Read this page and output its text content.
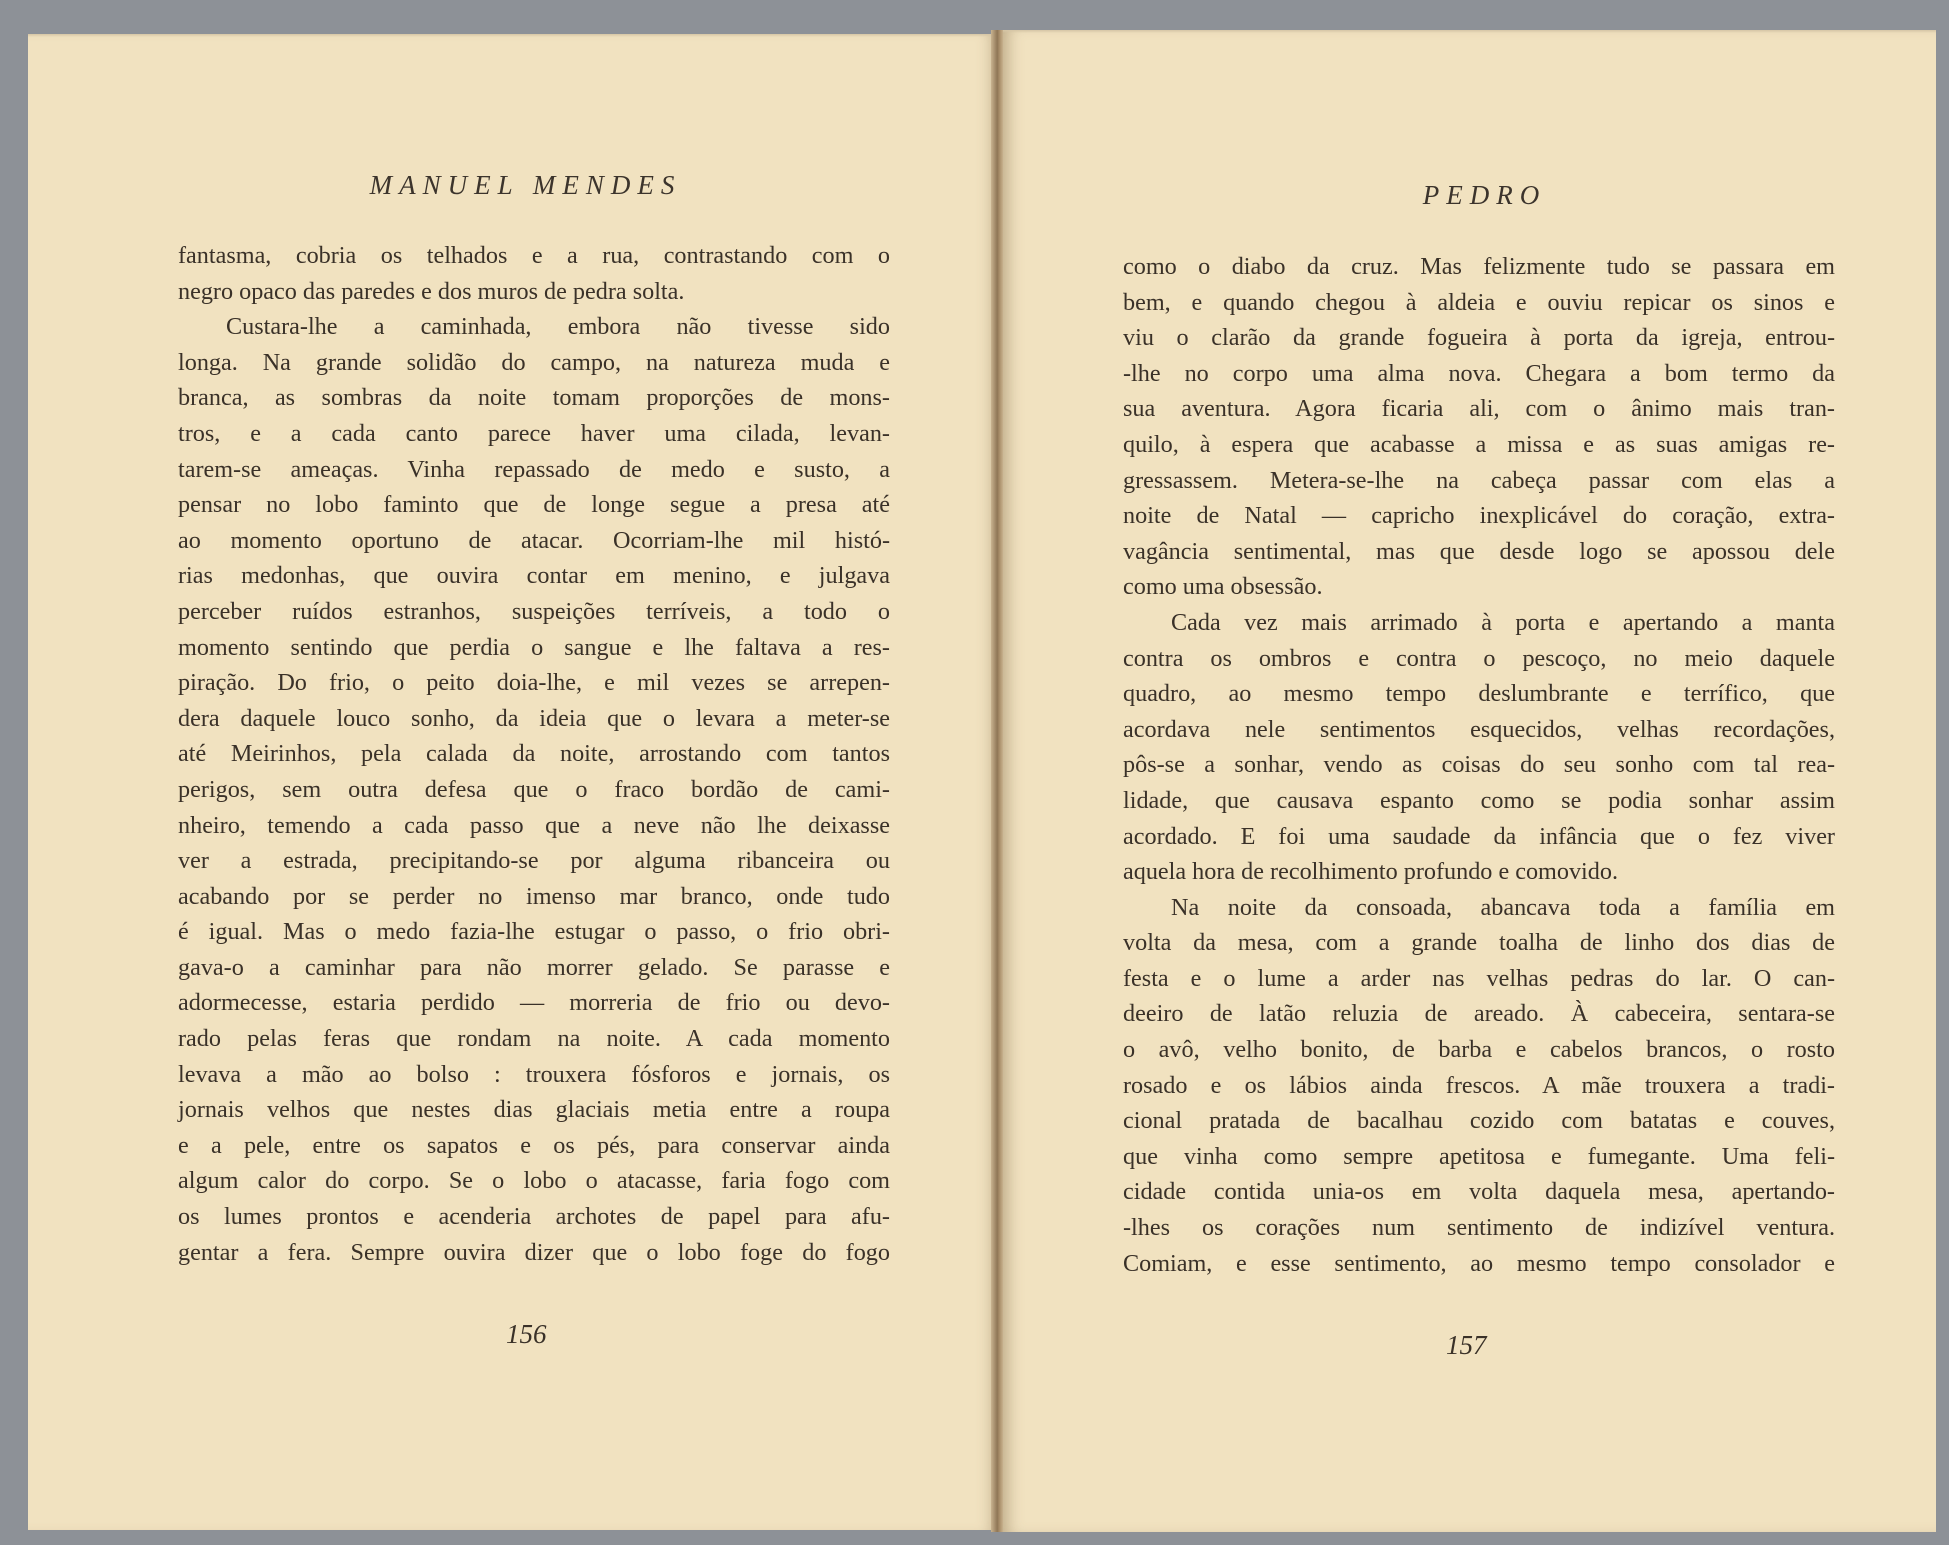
MANUEL MENDES
fantasma, cobria os telhados e a rua, contrastando com o
negro opaco das paredes e dos muros de pedra solta.
Custara-lhe a caminhada, embora não tivesse sido
longa. Na grande solidão do campo, na natureza muda e
branca, as sombras da noite tomam proporções de mons-
tros, e a cada canto parece haver uma cilada, levan-
tarem-se ameaças. Vinha repassado de medo e susto, a
pensar no lobo faminto que de longe segue a presa até
ao momento oportuno de atacar. Ocorriam-lhe mil histó-
rias medonhas, que ouvira contar em menino, e julgava
perceber ruídos estranhos, suspeições terríveis, a todo o
momento sentindo que perdia o sangue e lhe faltava a res-
piração. Do frio, o peito doia-lhe, e mil vezes se arrepen-
dera daquele louco sonho, da ideia que o levara a meter-se
até Meirinhos, pela calada da noite, arrostando com tantos
perigos, sem outra defesa que o fraco bordão de cami-
nheiro, temendo a cada passo que a neve não lhe deixasse
ver a estrada, precipitando-se por alguma ribanceira ou
acabando por se perder no imenso mar branco, onde tudo
é igual. Mas o medo fazia-lhe estugar o passo, o frio obri-
gava-o a caminhar para não morrer gelado. Se parasse e
adormecesse, estaria perdido — morreria de frio ou devo-
rado pelas feras que rondam na noite. A cada momento
levava a mão ao bolso : trouxera fósforos e jornais, os
jornais velhos que nestes dias glaciais metia entre a roupa
e a pele, entre os sapatos e os pés, para conservar ainda
algum calor do corpo. Se o lobo o atacasse, faria fogo com
os lumes prontos e acenderia archotes de papel para afu-
gentar a fera. Sempre ouvira dizer que o lobo foge do fogo
156
PEDRO
como o diabo da cruz. Mas felizmente tudo se passara em
bem, e quando chegou à aldeia e ouviu repicar os sinos e
viu o clarão da grande fogueira à porta da igreja, entrou-
-lhe no corpo uma alma nova. Chegara a bom termo da
sua aventura. Agora ficaria ali, com o ânimo mais tran-
quilo, à espera que acabasse a missa e as suas amigas re-
gressassem. Metera-se-lhe na cabeça passar com elas a
noite de Natal — capricho inexplicável do coração, extra-
vagância sentimental, mas que desde logo se apossou dele
como uma obsessão.
Cada vez mais arrimado à porta e apertando a manta
contra os ombros e contra o pescoço, no meio daquele
quadro, ao mesmo tempo deslumbrante e terrífico, que
acordava nele sentimentos esquecidos, velhas recordações,
pôs-se a sonhar, vendo as coisas do seu sonho com tal rea-
lidade, que causava espanto como se podia sonhar assim
acordado. E foi uma saudade da infância que o fez viver
aquela hora de recolhimento profundo e comovido.
Na noite da consoada, abancava toda a família em
volta da mesa, com a grande toalha de linho dos dias de
festa e o lume a arder nas velhas pedras do lar. O can-
deeiro de latão reluzia de areado. À cabeceira, sentara-se
o avô, velho bonito, de barba e cabelos brancos, o rosto
rosado e os lábios ainda frescos. A mãe trouxera a tradi-
cional pratada de bacalhau cozido com batatas e couves,
que vinha como sempre apetitosa e fumegante. Uma feli-
cidade contida unia-os em volta daquela mesa, apertando-
-lhes os corações num sentimento de indizível ventura.
Comiam, e esse sentimento, ao mesmo tempo consolador e
157
